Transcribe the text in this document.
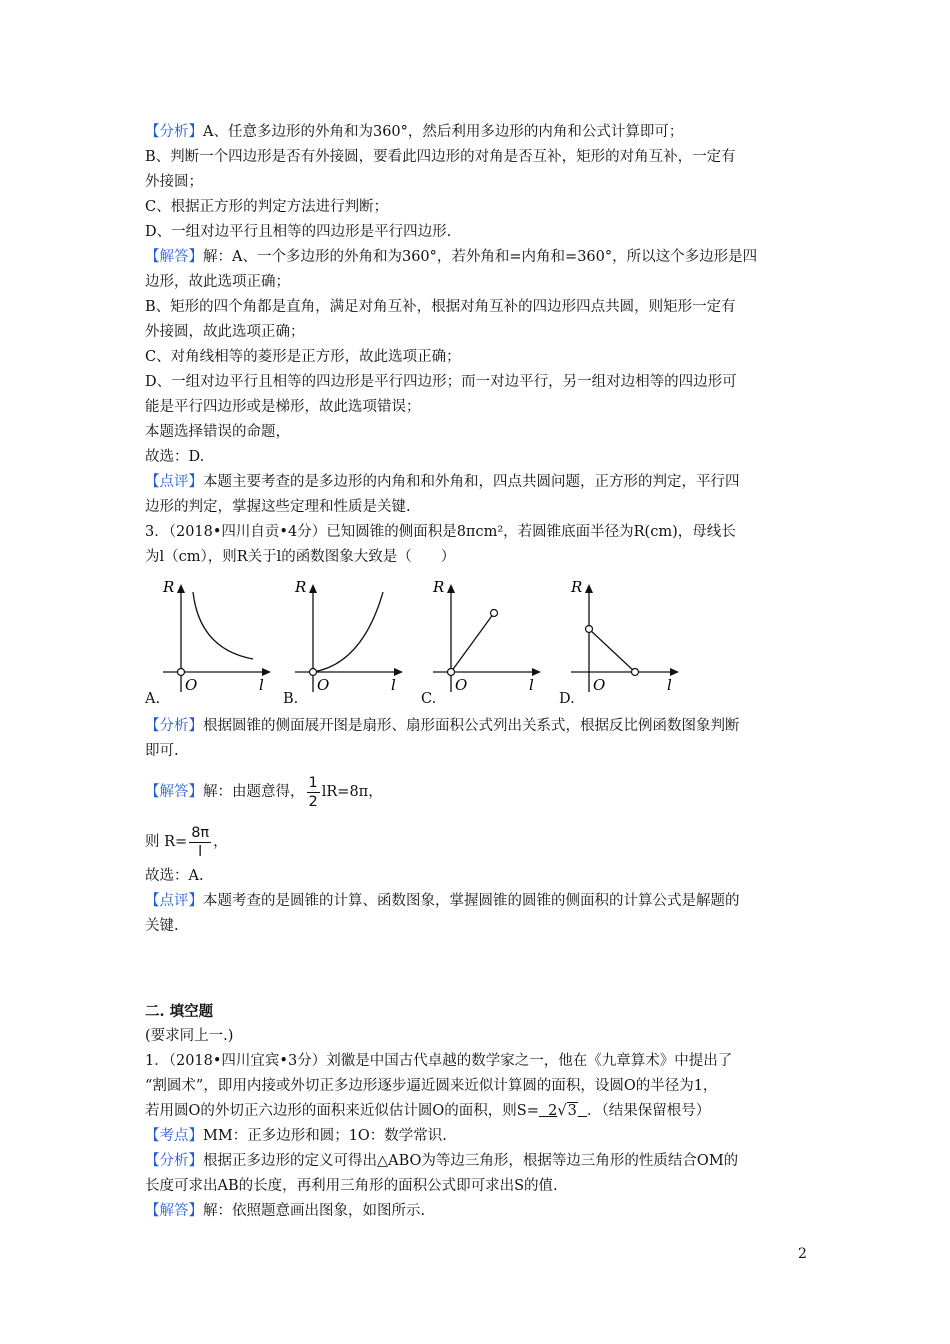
【分析】A、任意多边形的外角和为360°，然后利用多边形的内角和公式计算即可；
B、判断一个四边形是否有外接圆，要看此四边形的对角是否互补，矩形的对角互补，一定有
外接圆；
C、根据正方形的判定方法进行判断；
D、一组对边平行且相等的四边形是平行四边形.
【解答】解：A、一个多边形的外角和为360°，若外角和=内角和=360°，所以这个多边形是四
边形，故此选项正确；
B、矩形的四个角都是直角，满足对角互补，根据对角互补的四边形四点共圆，则矩形一定有
外接圆，故此选项正确；
C、对角线相等的菱形是正方形，故此选项正确；
D、一组对边平行且相等的四边形是平行四边形；而一对边平行，另一组对边相等的四边形可
能是平行四边形或是梯形，故此选项错误；
本题选择错误的命题，
故选：D.
【点评】本题主要考查的是多边形的内角和和外角和，四点共圆问题，正方形的判定，平行四
边形的判定，掌握这些定理和性质是关键.
3．（2018•四川自贡•4分）已知圆锥的侧面积是8πcm²，若圆锥底面半径为R(cm)，母线长
为l（cm），则R关于l的函数图象大致是（　　）
R
O	l
A.
R
O	l
B.
R
O	l
C.
R
O	l
D.
【分析】根据圆锥的侧面展开图是扇形、扇形面积公式列出关系式，根据反比例函数图象判断
即可.
【解答】 解：由题意得， $\frac{1}{2} lR=8\pi$，
则 $R= \frac{8\pi}{l}$ ，
故选：A.
【点评】本题考查的是圆锥的计算、函数图象，掌握圆锥的圆锥的侧面积的计算公式是解题的
关键.
二. 填空题
(要求同上一.)
1．（2018•四川宜宾•3分）刘徽是中国古代卓越的数学家之一，他在《九章算术》中提出了
“割圆术”，即用内接或外切正多边形逐步逼近圆来近似计算圆的面积，设圆O的半径为1，
若用圆O的外切正六边形的面积来近似估计圆O的面积，则S= 2√3 ．（结果保留根号）
【考点】MM：正多边形和圆；1O：数学常识.
【分析】根据正多边形的定义可得出△ABO为等边三角形，根据等边三角形的性质结合OM的
长度可求出AB的长度，再利用三角形的面积公式即可求出S的值.
【解答】解：依照题意画出图象，如图所示.
2
